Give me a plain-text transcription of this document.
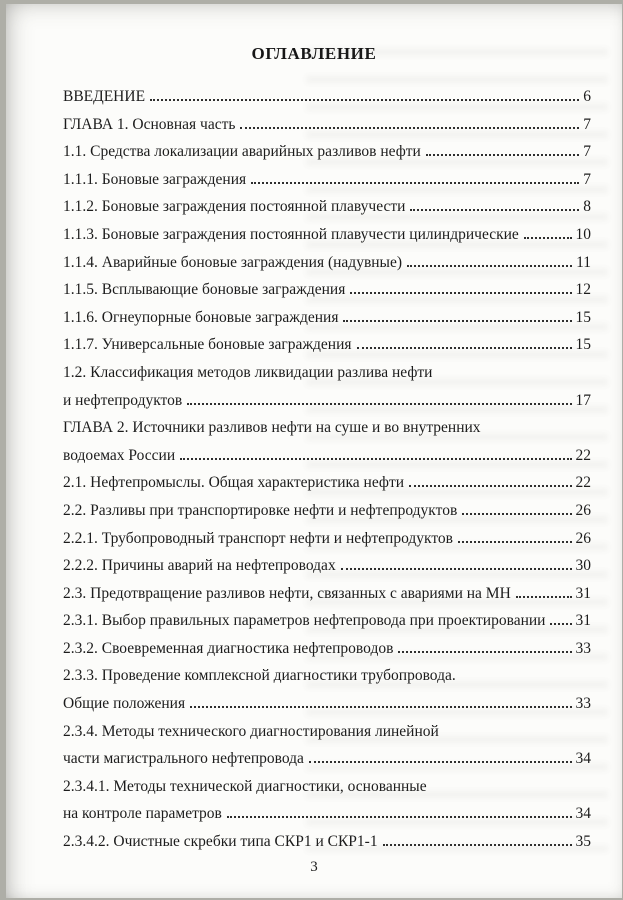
ОГЛАВЛЕНИЕ
ВВЕДЕНИЕ	6
ГЛАВА 1. Основная часть	7
1.1. Средства локализации аварийных разливов нефти	7
1.1.1. Боновые заграждения	7
1.1.2. Боновые заграждения постоянной плавучести	8
1.1.3. Боновые заграждения постоянной плавучести цилиндрические	10
1.1.4. Аварийные боновые заграждения (надувные)	11
1.1.5. Всплывающие боновые заграждения	12
1.1.6. Огнеупорные боновые заграждения	15
1.1.7. Универсальные боновые заграждения	15
1.2. Классификация методов ликвидации разлива нефти
и нефтепродуктов	17
ГЛАВА 2. Источники разливов нефти на суше и во внутренних
водоемах России	22
2.1. Нефтепромыслы. Общая характеристика нефти	22
2.2. Разливы при транспортировке нефти и нефтепродуктов	26
2.2.1. Трубопроводный транспорт нефти и нефтепродуктов	26
2.2.2. Причины аварий на нефтепроводах	30
2.3. Предотвращение разливов нефти, связанных с авариями на МН	31
2.3.1. Выбор правильных параметров нефтепровода при проектировании 31
2.3.2. Своевременная диагностика нефтепроводов	33
2.3.3. Проведение комплексной диагностики трубопровода.
Общие положения	33
2.3.4. Методы технического диагностирования линейной
части магистрального нефтепровода	34
2.3.4.1. Методы технической диагностики, основанные
на контроле параметров	34
2.3.4.2. Очистные скребки типа СКР1 и СКР1-1	35
3
